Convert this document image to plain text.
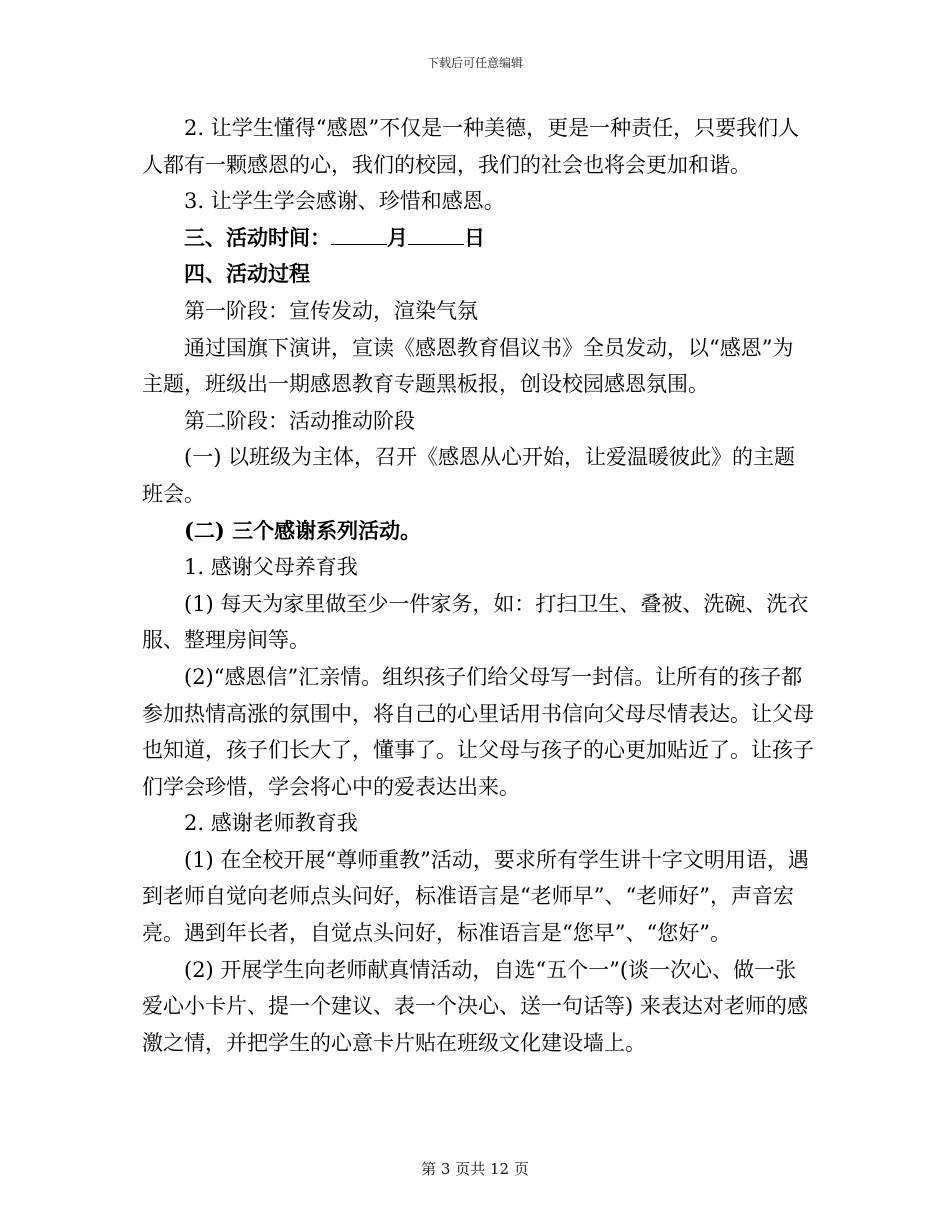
下载后可任意编辑

2. 让学生懂得“感恩”不仅是一种美德，更是一种责任，只要我们人人都有一颗感恩的心，我们的校园，我们的社会也将会更加和谐。

3. 让学生学会感谢、珍惜和感恩。

三、活动时间：	月	日

四、活动过程

第一阶段：宣传发动，渲染气氛

通过国旗下演讲，宣读《感恩教育倡议书》全员发动，以“感恩”为主题，班级出一期感恩教育专题黑板报，创设校园感恩氛围。

第二阶段：活动推动阶段

(一) 以班级为主体，召开《感恩从心开始，让爱温暖彼此》的主题班会。

(二) 三个感谢系列活动。

1. 感谢父母养育我

(1) 每天为家里做至少一件家务，如：打扫卫生、叠被、洗碗、洗衣服、整理房间等。

(2)“感恩信”汇亲情。组织孩子们给父母写一封信。让所有的孩子都参加热情高涨的氛围中，将自己的心里话用书信向父母尽情表达。让父母也知道，孩子们长大了，懂事了。让父母与孩子的心更加贴近了。让孩子们学会珍惜，学会将心中的爱表达出来。

2. 感谢老师教育我

(1) 在全校开展“尊师重教”活动，要求所有学生讲十字文明用语，遇到老师自觉向老师点头问好，标准语言是“老师早”、“老师好”，声音宏亮。遇到年长者，自觉点头问好，标准语言是“您早”、“您好”。

(2) 开展学生向老师献真情活动，自选“五个一”(谈一次心、做一张爱心小卡片、提一个建议、表一个决心、送一句话等) 来表达对老师的感激之情，并把学生的心意卡片贴在班级文化建设墙上。

第 3 页共 12 页
